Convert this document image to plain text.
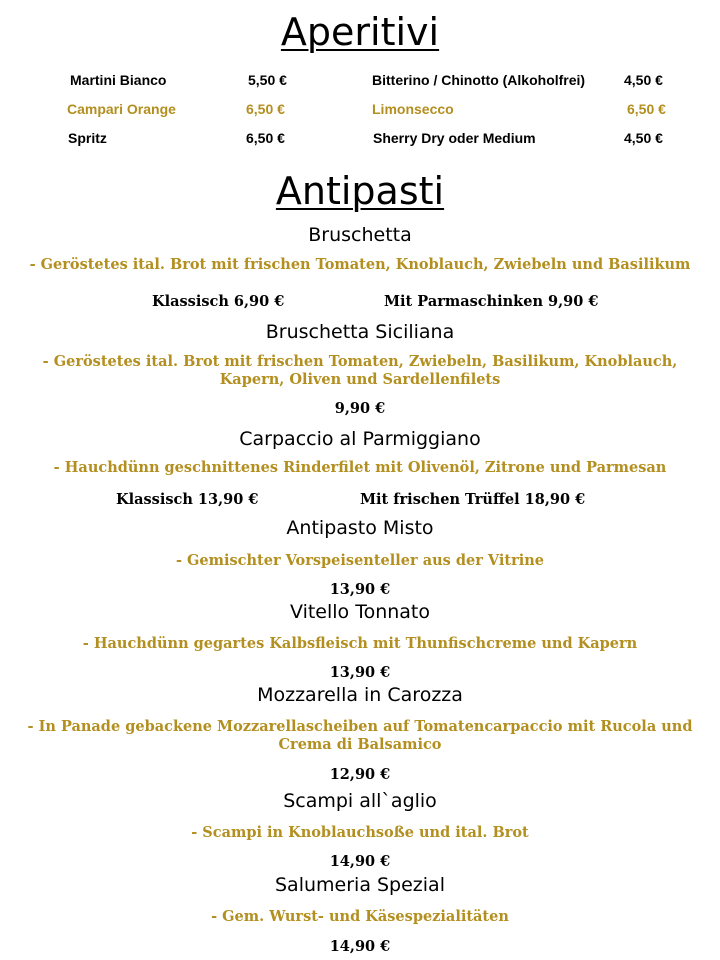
Aperitivi
Martini Bianco	5,50 €	Bitterino / Chinotto (Alkoholfrei)	4,50 €
Campari Orange	6,50 €	Limonsecco	6,50 €
Spritz	6,50 €	Sherry Dry oder Medium	4,50 €
Antipasti
Bruschetta
- Geröstetes ital. Brot mit frischen Tomaten, Knoblauch, Zwiebeln und Basilikum
Klassisch 6,90 €	Mit Parmaschinken 9,90 €
Bruschetta Siciliana
- Geröstetes ital. Brot mit frischen Tomaten, Zwiebeln, Basilikum, Knoblauch, Kapern, Oliven und Sardellenfilets
9,90 €
Carpaccio al Parmiggiano
- Hauchdünn geschnittenes Rinderfilet mit Olivenöl, Zitrone und Parmesan
Klassisch 13,90 €	Mit frischen Trüffel 18,90 €
Antipasto Misto
- Gemischter Vorspeisenteller aus der Vitrine
13,90 €
Vitello Tonnato
- Hauchdünn gegartes Kalbsfleisch mit Thunfischcreme und Kapern
13,90 €
Mozzarella in Carozza
- In Panade gebackene Mozzarellascheiben auf Tomatencarpaccio mit Rucola und Crema di Balsamico
12,90 €
Scampi all`aglio
- Scampi in Knoblauchsoße und ital. Brot
14,90 €
Salumeria Spezial
- Gem. Wurst- und Käsespezialitäten
14,90 €
